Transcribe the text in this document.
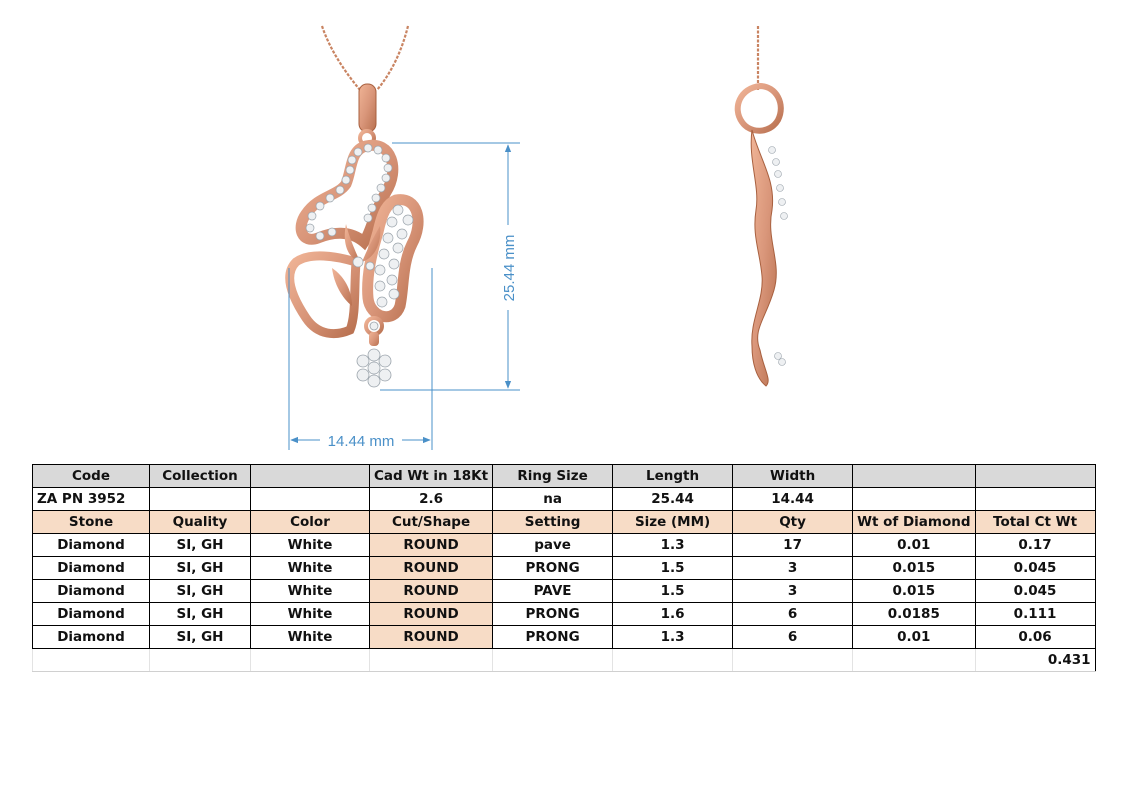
25.44 mm
14.44 mm
Code	Collection		Cad Wt in 18Kt	Ring Size	Length	Width		
ZA PN 3952			2.6	na	25.44	14.44		
Stone	Quality	Color	Cut/Shape	Setting	Size (MM)	Qty	Wt of Diamond	Total Ct Wt
Diamond	SI, GH	White	ROUND	pave	1.3	17	0.01	0.17
Diamond	SI, GH	White	ROUND	PRONG	1.5	3	0.015	0.045
Diamond	SI, GH	White	ROUND	PAVE	1.5	3	0.015	0.045
Diamond	SI, GH	White	ROUND	PRONG	1.6	6	0.0185	0.111
Diamond	SI, GH	White	ROUND	PRONG	1.3	6	0.01	0.06
								0.431
